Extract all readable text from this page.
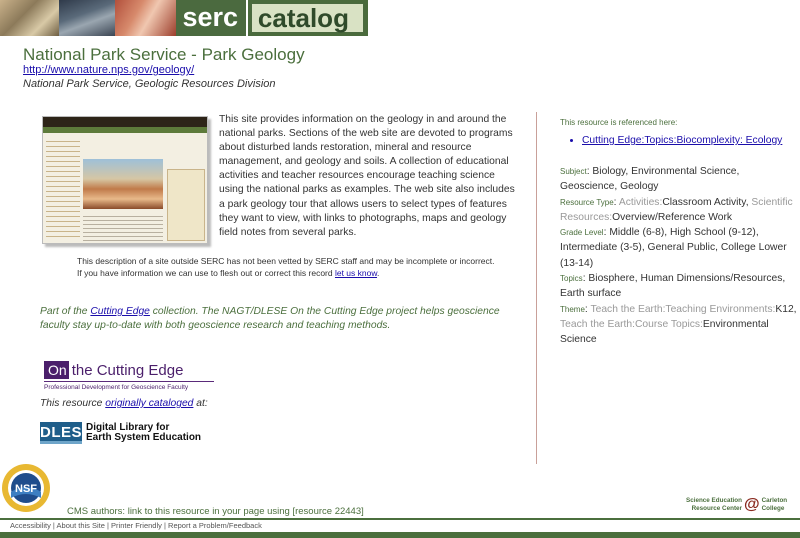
serc catalog
National Park Service - Park Geology
http://www.nature.nps.gov/geology/
National Park Service, Geologic Resources Division
This site provides information on the geology in and around the national parks. Sections of the web site are devoted to programs about disturbed lands restoration, mineral and resource management, and geology and soils. A collection of educational activities and teacher resources encourage teaching science using the national parks as examples. The web site also includes a park geology tour that allows users to select types of features they want to view, with links to photographs, maps and geology field notes from several parks.
This description of a site outside SERC has not been vetted by SERC staff and may be incomplete or incorrect. If you have information we can use to flesh out or correct this record let us know.
Part of the Cutting Edge collection. The NAGT/DLESE On the Cutting Edge project helps geoscience faculty stay up-to-date with both geoscience research and teaching methods.
On the Cutting Edge
Professional Development for Geoscience Faculty
This resource originally cataloged at:
DLESE
Digital Library for
Earth System Education
This resource is referenced here:
• Cutting Edge:Topics:Biocomplexity: Ecology
Subject: Biology, Environmental Science, Geoscience, Geology
Resource Type: Activities:Classroom Activity, Scientific Resources:Overview/Reference Work
Grade Level: Middle (6-8), High School (9-12), Intermediate (3-5), General Public, College Lower (13-14)
Topics: Biosphere, Human Dimensions/Resources, Earth surface
Theme: Teach the Earth:Teaching Environments:K12, Teach the Earth:Course Topics:Environmental Science
NSF
CMS authors: link to this resource in your page using [resource 22443]
Science Education
Resource Center @ Carleton
College
Accessibility | About this Site | Printer Friendly | Report a Problem/Feedback
